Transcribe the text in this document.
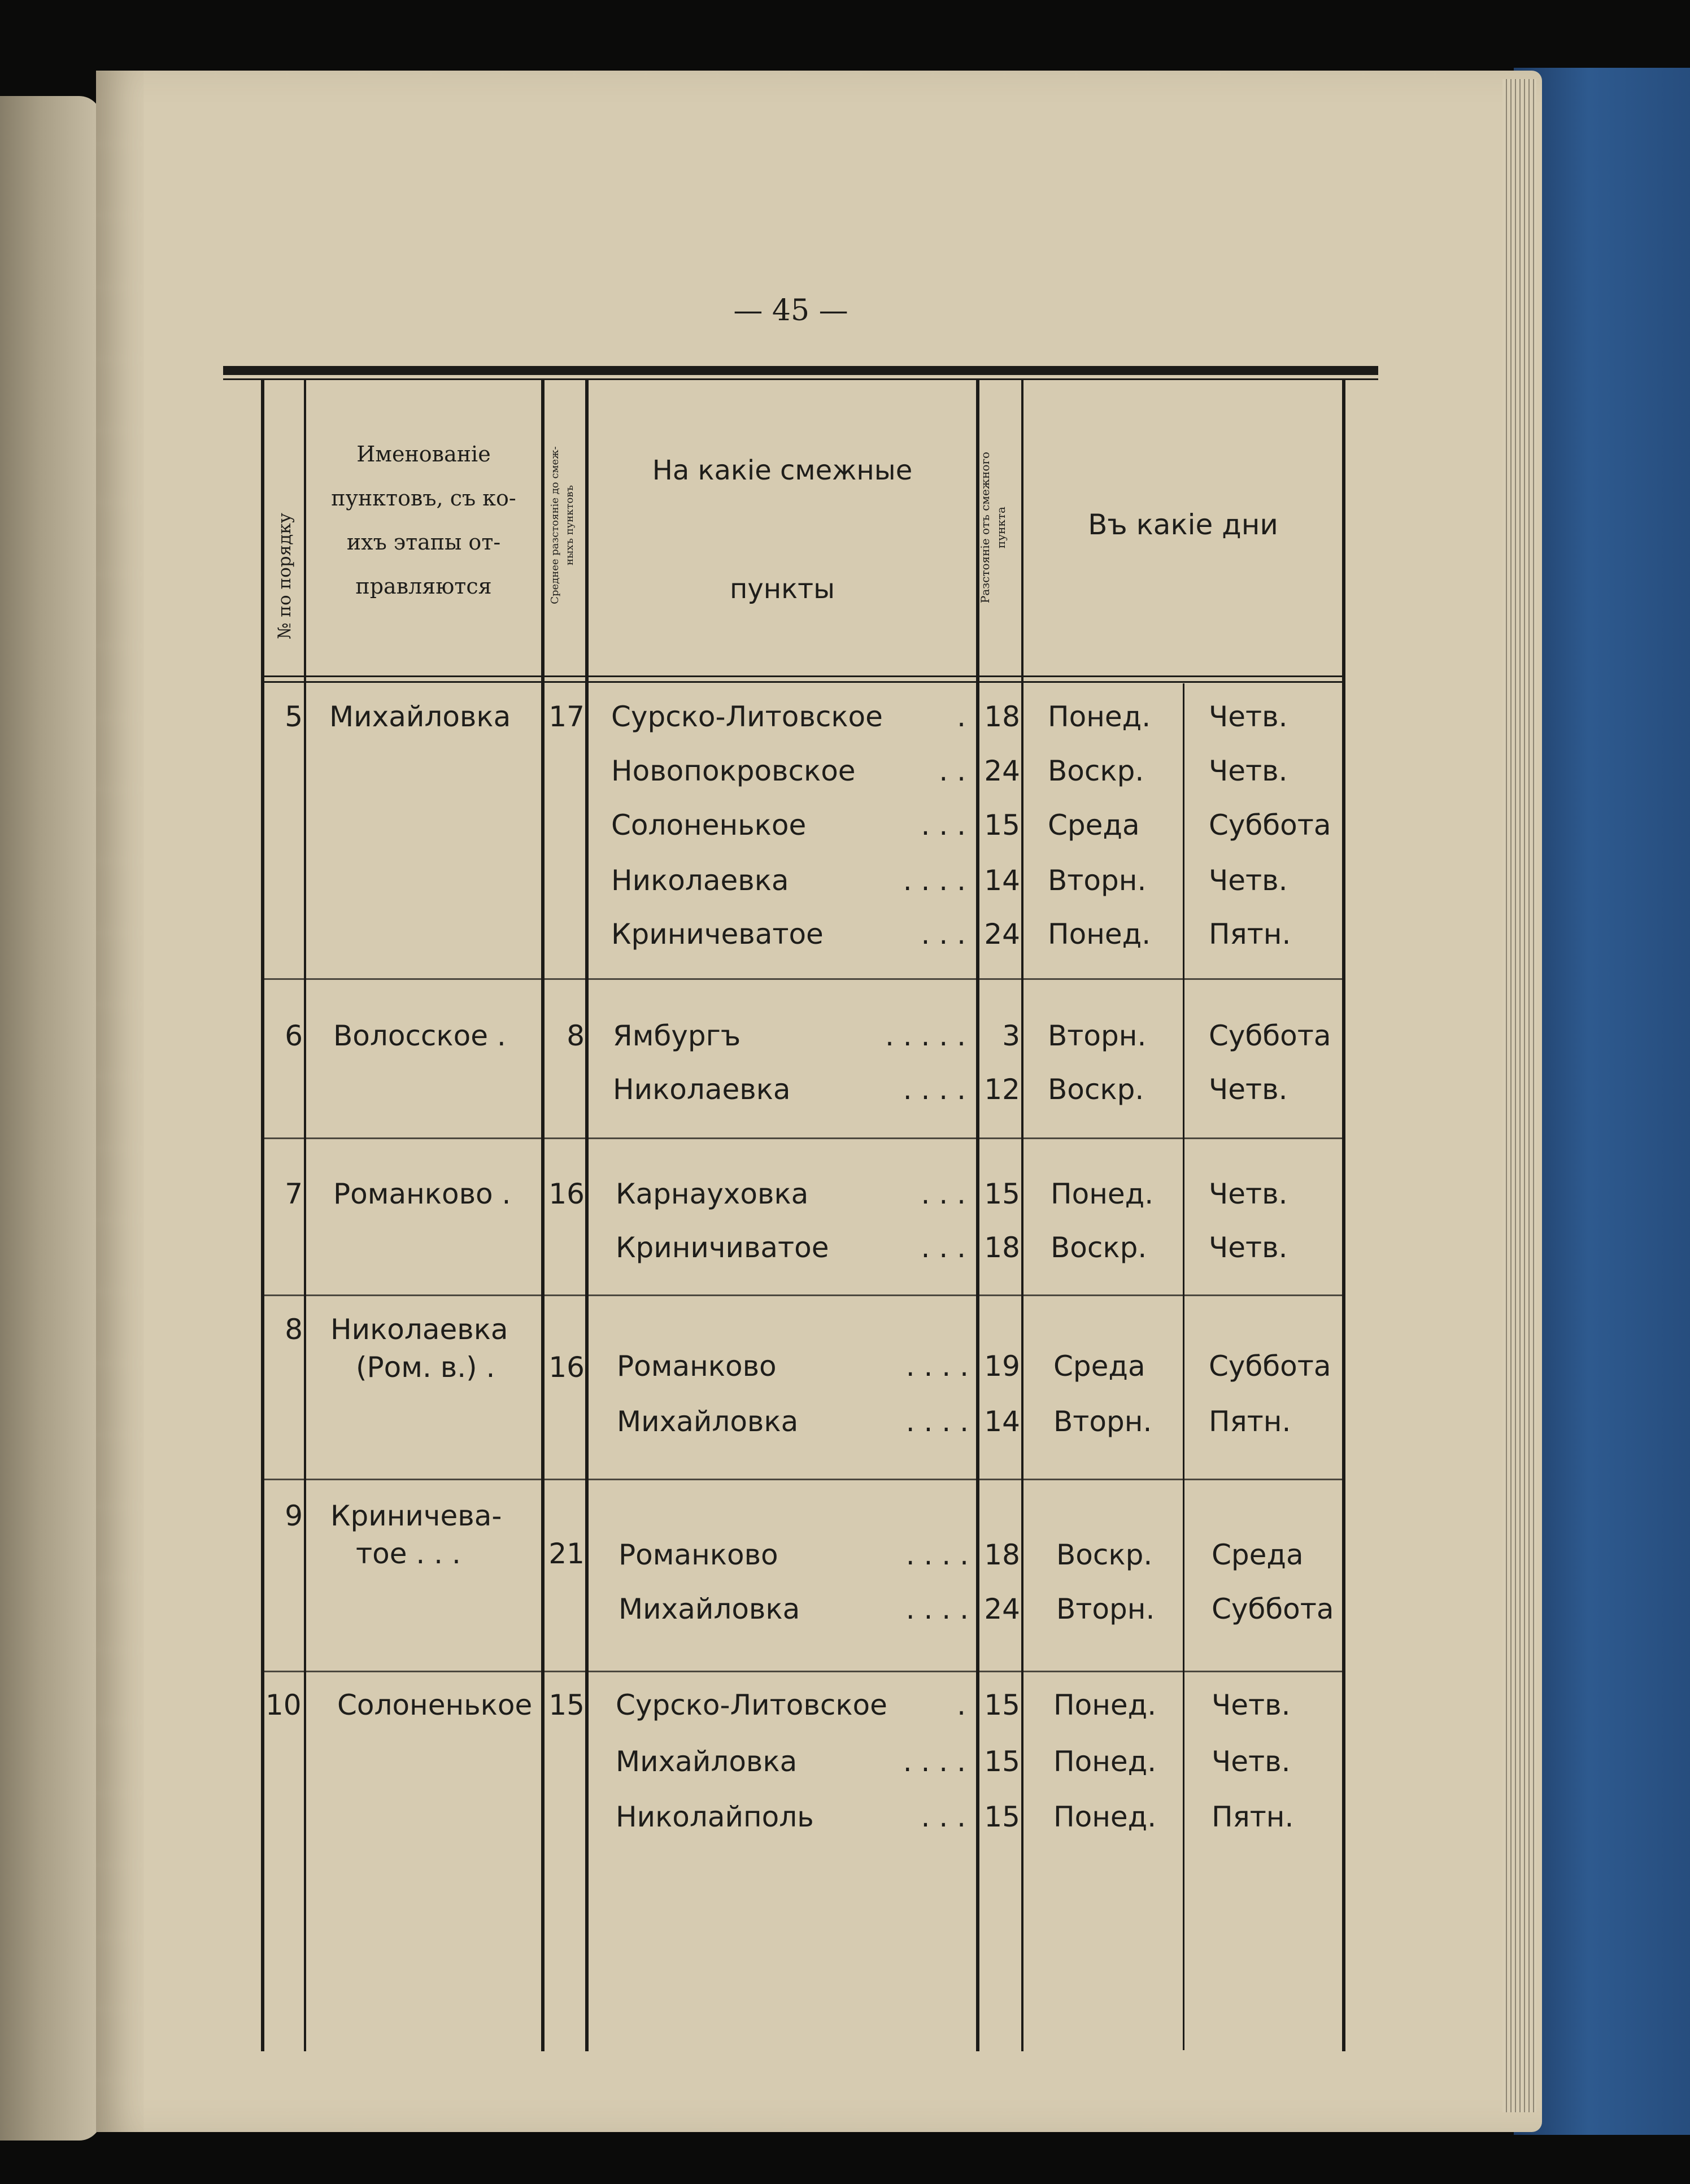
— 45 —
№ по порядку
Именованіе
пунктовъ, съ ко-
ихъ этапы от-
правляются	Среднее разстояніе до смеж- ныхъ пунктовъ
На какіе смежные
пункты	Разстояніе отъ смежного пункта	Въ какіе дни
5 Михайловка 17 Сурско-Литовское	. 18 Понед. Четв.
Новопокровское	. . 24 Воскр. Четв.
Солоненькое	. . . 15 Среда Суббота
Николаевка	. . . . 14 Вторн. Четв.
Криничеватое	. . . 24 Понед. Пятн.
6 Волосское .	8 Ямбургъ	. . . . .	3 Вторн. Суббота
Николаевка	. . . . 12 Воскр. Четв.
7 Романково . 16 Карнауховка	. . . 15 Понед. Четв.
Криничиватое	. . . 18 Воскр. Четв.
8 Николаевка
(Ром. в.) . 16 Романково	. . . . 19 Среда Суббота
Михайловка	. . . . 14 Вторн. Пятн.
9 Криничева-
тое . . .	21 Романково	. . . . 18 Воскр. Среда
Михайловка	. . . . 24 Вторн. Суббота
10	Солоненькое 15 Сурско-Литовское	. 15 Понед. Четв.
Михайловка	. . . . 15 Понед. Четв.
Николайполь	. . . 15 Понед. Пятн.
